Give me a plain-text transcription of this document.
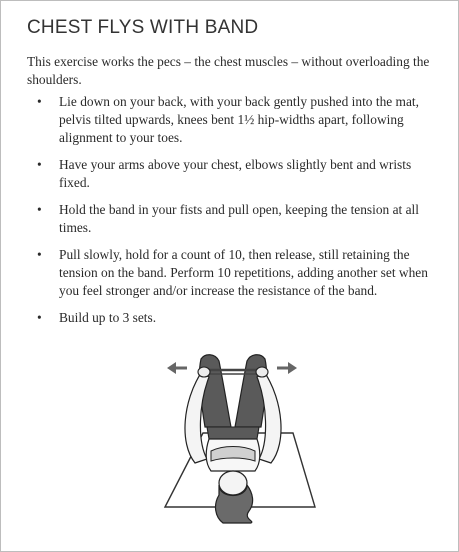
CHEST FLYS WITH BAND

This exercise works the pecs – the chest muscles – without overloading the shoulders.

• Lie down on your back, with your back gently pushed into the mat, pelvis tilted upwards, knees bent 1½ hip-widths apart, following alignment to your toes.
• Have your arms above your chest, elbows slightly bent and wrists fixed.
• Hold the band in your fists and pull open, keeping the tension at all times.
• Pull slowly, hold for a count of 10, then release, still retaining the tension on the band. Perform 10 repetitions, adding another set when you feel stronger and/or increase the resistance of the band.
• Build up to 3 sets.
